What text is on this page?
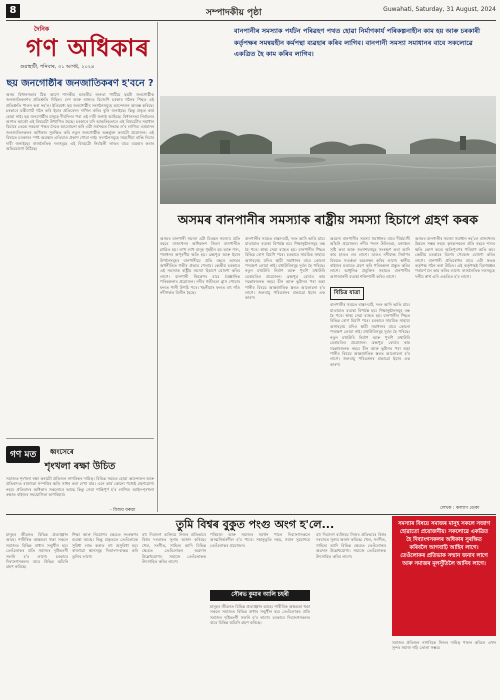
8	সম্পাদকীয় পৃষ্ঠা	Guwahati, Saturday, 31 August, 2024
দৈনিক
গণ অধিকাৰ
গুৱাহাটী, শনিবাৰ, ৩১ আগষ্ট, ২০২৪
ছয় জনগোষ্ঠীৰ জনজাতিকৰণ হ'বনে ?
অসম বিধানসভাৰ ঠিক আগে শাসকীয় ভাৰতীয় জনতা পাৰ্টিয়ে ছয়টা জনগোষ্ঠীক জনজাতিকৰণৰ প্ৰতিশ্ৰুতি দিছিল। দেশ আৰু ৰাজ্যত বিজেপি চৰকাৰ গঠনৰ পিছত এই প্ৰতিশ্ৰুতি পালন কৰা নহ'ল। ইতিমধ্যে ছয় জনগোষ্ঠীৰ সংগঠনসমূহে আন্দোলন আৰম্ভ কৰিছে। চৰকাৰে মন্ত্ৰীগোট গঠন কৰি ইয়াৰ প্ৰতিবেদন দাখিল কৰিব বুলি জনাইছে। কিন্তু প্ৰকৃত কাৰ্য হোৱা নাই। ছয় জনগোষ্ঠীৰ মানুহে দীৰ্ঘদিনৰ পৰা এই দাবী জনাই আহিছে। বিধানসভা নিৰ্বাচনৰ আগত আকৌ এই বিষয়টো উত্থাপিত হৈছে। চৰকাৰে যদি আন্তৰিকতাৰে এই বিষয়টোৰ সমাধান বিচাৰে তেন্তে সকলো পক্ষৰ সৈতে আলোচনা কৰি এটা সৰ্বসন্মত সিদ্ধান্ত ল'ব লাগিব। বৰ্তমানৰ জনজাতিসকলৰ অধিকাৰ সুৰক্ষিত কৰি নতুন জনগোষ্ঠীক অন্তৰ্ভুক্ত কৰাটো প্ৰয়োজন। এই বিষয়ত চৰকাৰৰ স্পষ্ট অৱস্থান এতিয়াও প্ৰকাশ পোৱা নাই। সংগঠনসমূহে সময়সীমা বান্ধি দিয়াৰ দাবী জনাইছে। ৰাজনৈতিক দলসমূহে এই বিষয়টো নিৰ্বাচনী লাভৰ বাবে ব্যৱহাৰ কৰাৰ অভিযোগো উঠিছে।
গণ মত ধ্বংসেৰে
শৃংখলা ৰক্ষা উচিত
সমাজত শৃংখলা ৰক্ষা কৰাটো প্ৰতিজন নাগৰিকৰ দায়িত্ব। বিভিন্ন সময়ত হোৱা আন্দোলন আৰু প্ৰতিবাদত ৰাজহুৱা সম্পত্তিৰ ক্ষতি সাধন কৰা দেখা যায়। এনে কাৰ্য কোনো পধ্যেই গ্ৰহণযোগ্য নহয়। প্ৰতিবাদৰ অধিকাৰ সকলোৰে আছে কিন্তু সেয়া শান্তিপূৰ্ণ হ'ব লাগিব। আইন-শৃংখলা ৰক্ষাত ৰাইজৰ সহযোগিতা অপৰিহাৰ্য।
- বিজয় বৰুৱা
বানপানীৰ সমস্যাক পৰ্যটন পৰিৱহণ পথত হোৱা নিৰ্মাণকাৰ্য পৰিকল্পনাহীন কাম হয় আৰু চৰকাৰী কৰ্তৃপক্ষৰ সমন্বয়হীন কৰ্মপন্থা ব্যৱহাৰ কৰিব লাগিব। বানপানী সমস্যা সমাধানৰ বাবে সকলোৱে একত্ৰিত হৈ কাম কৰিব লাগিব।
অসমৰ বানপানীৰ সমস্যাক ৰাষ্ট্ৰীয় সমস্যা হিচাপে গ্ৰহণ কৰক
অসমৰ বানপানী সমস্যা এটা চিৰন্তন সমস্যা। প্ৰতি বছৰে ৰাজ্যখনৰ অধিকাংশ জিলা বানপানীত প্লাৱিত হয়। লাখ লাখ মানুহ গৃহহীন হয় আৰু শস্য, পশুধনৰ অপূৰণীয় ক্ষতি হয়। ব্ৰহ্মপুত্ৰ আৰু ইয়াৰ উপনৈসমূহৰ বানপানীয়ে প্ৰতি বছৰে অসমৰ অৰ্থনীতিত গভীৰ প্ৰভাৱ পেলায়। কেন্দ্ৰীয় চৰকাৰে এই সমস্যাক ৰাষ্ট্ৰীয় সমস্যা হিচাপে ঘোষণা কৰিব লাগে। বানপানী নিয়ন্ত্ৰণৰ বাবে বৈজ্ঞানিক পৰিকল্পনাৰ প্ৰয়োজন। নদীৰ গভীৰতা হ্ৰাস পোৱাৰ ফলত পানী উপচি পৰে। খহনীয়াৰ ফলত বহু গাঁও নদীগৰ্ভত বিলীন হৈছে।
বানপানীৰ সময়ত ৰাস্তা-ঘাট, দলং আদি ভাঙি যায়। যাতায়াত ব্যৱস্থা বিপৰ্যস্ত হয়। শিক্ষানুষ্ঠানসমূহ বন্ধ হৈ পৰে। স্বাস্থ্য সেৱা ব্যাহত হয়। বানপানীৰ পিছত বিভিন্ন ৰোগ বিয়পি পৰে। চৰকাৰে সাময়িক সাহায্য আগবঢ়ায় যদিও স্থায়ী সমাধানৰ বাবে কোনো পদক্ষেপ লোৱা নাই। মথাউৰিসমূহ দুৰ্বল হৈ পৰিছে। নতুন মথাউৰি নিৰ্মাণ আৰু পুৰণি মথাউৰি মেৰামতিৰ প্ৰয়োজন। ব্ৰহ্মপুত্ৰ বোৰ্ডৰ কাম সন্তোষজনক নহয়। চীন আৰু ভূটানৰ পৰা অহা পানীৰ বিষয়ে আন্তৰ্জাতিক স্তৰত আলোচনা হ'ব লাগে। জলবায়ু পৰিৱৰ্তনৰ প্ৰভাৱো ইয়াৰ এক কাৰণ।
অৱশ্যে বানপানীৰ সমস্যা সমাধানৰ বাবে দীৰ্ঘম্যাদী আঁচনি প্ৰয়োজন। নদীৰ পলস উলিওৱা, বনাঞ্চল সৃষ্টি কৰা আৰু জলাশয়সমূহ সংৰক্ষণ কৰা আদি কাম হাতত লব লাগে। ডাঙৰ নদীবান্ধ নিৰ্মাণৰ বিষয়ত সতৰ্কতা অৱলম্বন কৰিব লাগে। স্থানীয় ৰাইজৰ মতামত গ্ৰহণ কৰি পৰিকল্পনা প্ৰস্তুত কৰিব লাগে। আধুনিক প্ৰযুক্তিৰ সহায়ত বানপানীৰ আগজাননী ব্যৱস্থা শক্তিশালী কৰিব লাগে।
বিচিত্ৰ যাত্ৰা
বানপানীৰ সময়ত ৰাস্তা-ঘাট, দলং আদি ভাঙি যায়। যাতায়াত ব্যৱস্থা বিপৰ্যস্ত হয়। শিক্ষানুষ্ঠানসমূহ বন্ধ হৈ পৰে। স্বাস্থ্য সেৱা ব্যাহত হয়। বানপানীৰ পিছত বিভিন্ন ৰোগ বিয়পি পৰে। চৰকাৰে সাময়িক সাহায্য আগবঢ়ায় যদিও স্থায়ী সমাধানৰ বাবে কোনো পদক্ষেপ লোৱা নাই। মথাউৰিসমূহ দুৰ্বল হৈ পৰিছে। নতুন মথাউৰি নিৰ্মাণ আৰু পুৰণি মথাউৰি মেৰামতিৰ প্ৰয়োজন। ব্ৰহ্মপুত্ৰ বোৰ্ডৰ কাম সন্তোষজনক নহয়। চীন আৰু ভূটানৰ পৰা অহা পানীৰ বিষয়ে আন্তৰ্জাতিক স্তৰত আলোচনা হ'ব লাগে। জলবায়ু পৰিৱৰ্তনৰ প্ৰভাৱো ইয়াৰ এক কাৰণ।
অসমৰ বানপানীৰ সমস্যা সমাধান নহ'লে ৰাজ্যখনৰ উন্নয়ন সম্ভৱ নহয়। কৃষকসকলে প্ৰতি বছৰে শস্যৰ ক্ষতি ভোগ কৰে। ক্ষতিপূৰণৰ পৰিমাণ অতি কম। কেন্দ্ৰীয় চৰকাৰে বিশেষ পেকেজ ঘোষণা কৰিব লাগে। বানপানী প্ৰতিৰোধৰ বাবে এটা স্বতন্ত্ৰ কৰ্তৃপক্ষ গঠন কৰা উচিত। এই কৰ্তৃপক্ষই বিশেষজ্ঞৰ পৰামৰ্শ লৈ কাম কৰিব লাগে। ৰাজনৈতিক দলসমূহে দলীয় স্বাৰ্থ এৰি একত্ৰিত হ'ব লাগে।
লেখক : কল্যাণ ডেকা
তুমি বিশ্বৰ বুকুত পংগু অংগ হ'লে...
মানুহৰ জীৱনত বিভিন্ন প্ৰত্যাহ্বান আহে। শাৰীৰিক অক্ষমতা থকা সকলে সমাজত বিভিন্ন বাধাৰ সন্মুখীন হয়। তেওঁলোকৰ প্ৰতি সমাজৰ দৃষ্টিভংগী সলনি হ'ব লাগে। চৰকাৰে দিব্যাংগসকলৰ বাবে বিভিন্ন আঁচনি গ্ৰহণ কৰিছে।
শিক্ষা আৰু নিয়োগৰ ক্ষেত্ৰত সংৰক্ষণৰ ব্যৱস্থা আছে। কিন্তু প্ৰকৃততে তেওঁলোকে সুবিধা লাভ কৰাত বহু অসুবিধা হয়। ৰাজহুৱা স্থানসমূহ দিব্যাংগ-বান্ধৱ কৰি তুলিব লাগে।
বহু দিব্যাংগ ব্যক্তিয়ে নিজৰ প্ৰতিভাৰে বিশ্বৰ দৰবাৰত সুনাম অৰ্জন কৰিছে। খেল, সংগীত, সাহিত্য আদি বিভিন্ন ক্ষেত্ৰত তেওঁলোকৰ অৱদান উল্লেখযোগ্য। সমাজে তেওঁলোকক উৎসাহিত কৰিব লাগে।
পৰিয়াল আৰু সমাজৰ সমৰ্থন পালে দিব্যাংগসকলে আত্মনিৰ্ভৰশীল হ'ব পাৰে। সহানুভূতি নহয়, সমান সুযোগহে তেওঁলোকৰ প্ৰয়োজন।
সৌৰভ কুমাৰ আলি চহৰী
মানুহৰ জীৱনত বিভিন্ন প্ৰত্যাহ্বান আহে। শাৰীৰিক অক্ষমতা থকা সকলে সমাজত বিভিন্ন বাধাৰ সন্মুখীন হয়। তেওঁলোকৰ প্ৰতি সমাজৰ দৃষ্টিভংগী সলনি হ'ব লাগে। চৰকাৰে দিব্যাংগসকলৰ বাবে বিভিন্ন আঁচনি গ্ৰহণ কৰিছে।
বহু দিব্যাংগ ব্যক্তিয়ে নিজৰ প্ৰতিভাৰে বিশ্বৰ দৰবাৰত সুনাম অৰ্জন কৰিছে। খেল, সংগীত, সাহিত্য আদি বিভিন্ন ক্ষেত্ৰত তেওঁলোকৰ অৱদান উল্লেখযোগ্য। সমাজে তেওঁলোকক উৎসাহিত কৰিব লাগে।
সমস্যাৰ বিষয়ে সমাজৰ মানুহ সকলে সজাগ হোৱাতো প্ৰয়োজনীয়। সকলোৱে একত্ৰিত হৈ দিব্যাংগসকলৰ অধিকাৰ সুৰক্ষিত কৰিবলৈ আগবাঢ়ি আহিব লাগে। তেওঁলোকৰ প্ৰতিভাক সন্মান জনাব লাগে আৰু সমাজৰ মূলসুঁতিলৈ আনিব লাগে।
সমাজৰ প্ৰতিজন নাগৰিকে নিজৰ দায়িত্ব পালন কৰিলে এখন সুন্দৰ সমাজ গঢ়ি তোলা সম্ভৱ।
